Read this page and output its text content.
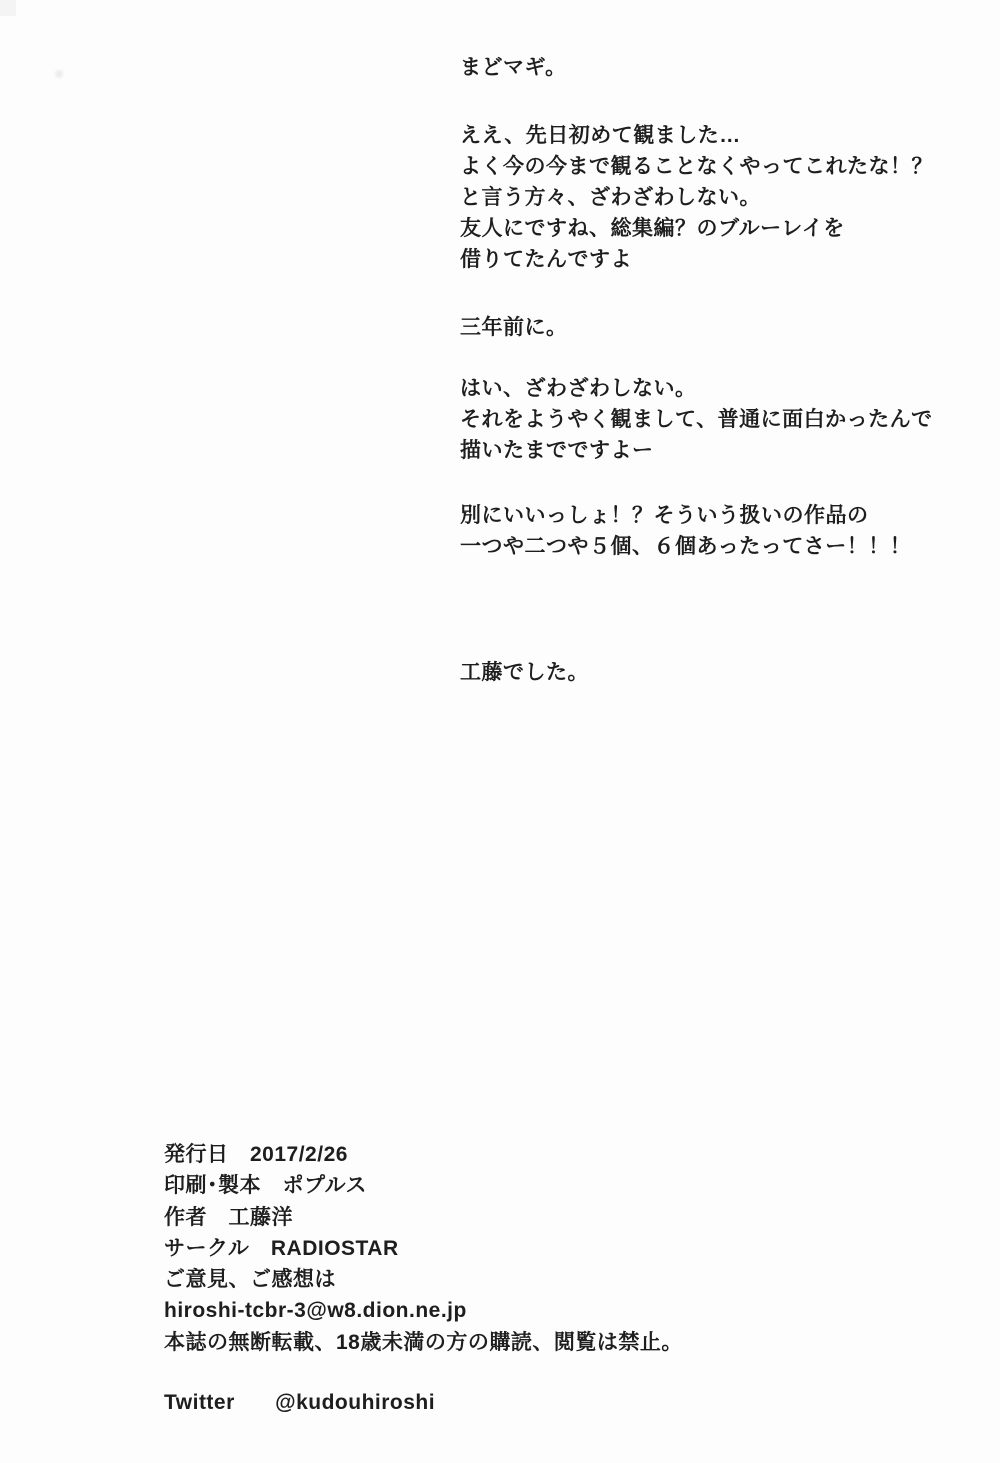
まどマギ。
ええ、先日初めて観ました…
よく今の今まで観ることなくやってこれたな！？
と言う方々、ざわざわしない。
友人にですね、総集編？のブルーレイを
借りてたんですよ
三年前に。
はい、ざわざわしない。
それをようやく観まして、普通に面白かったんで
描いたまでですよー
別にいいっしょ！？そういう扱いの作品の
一つや二つや５個、６個あったってさー！！！
工藤でした。
発行日　2017/2/26
印刷･製本　ポプルス
作者　工藤洋
サークル　RADIOSTAR
ご意見、ご感想は
hiroshi-tcbr-3@w8.dion.ne.jp
本誌の無断転載、18歳未満の方の購読、閲覧は禁止。
Twitter @kudouhiroshi
